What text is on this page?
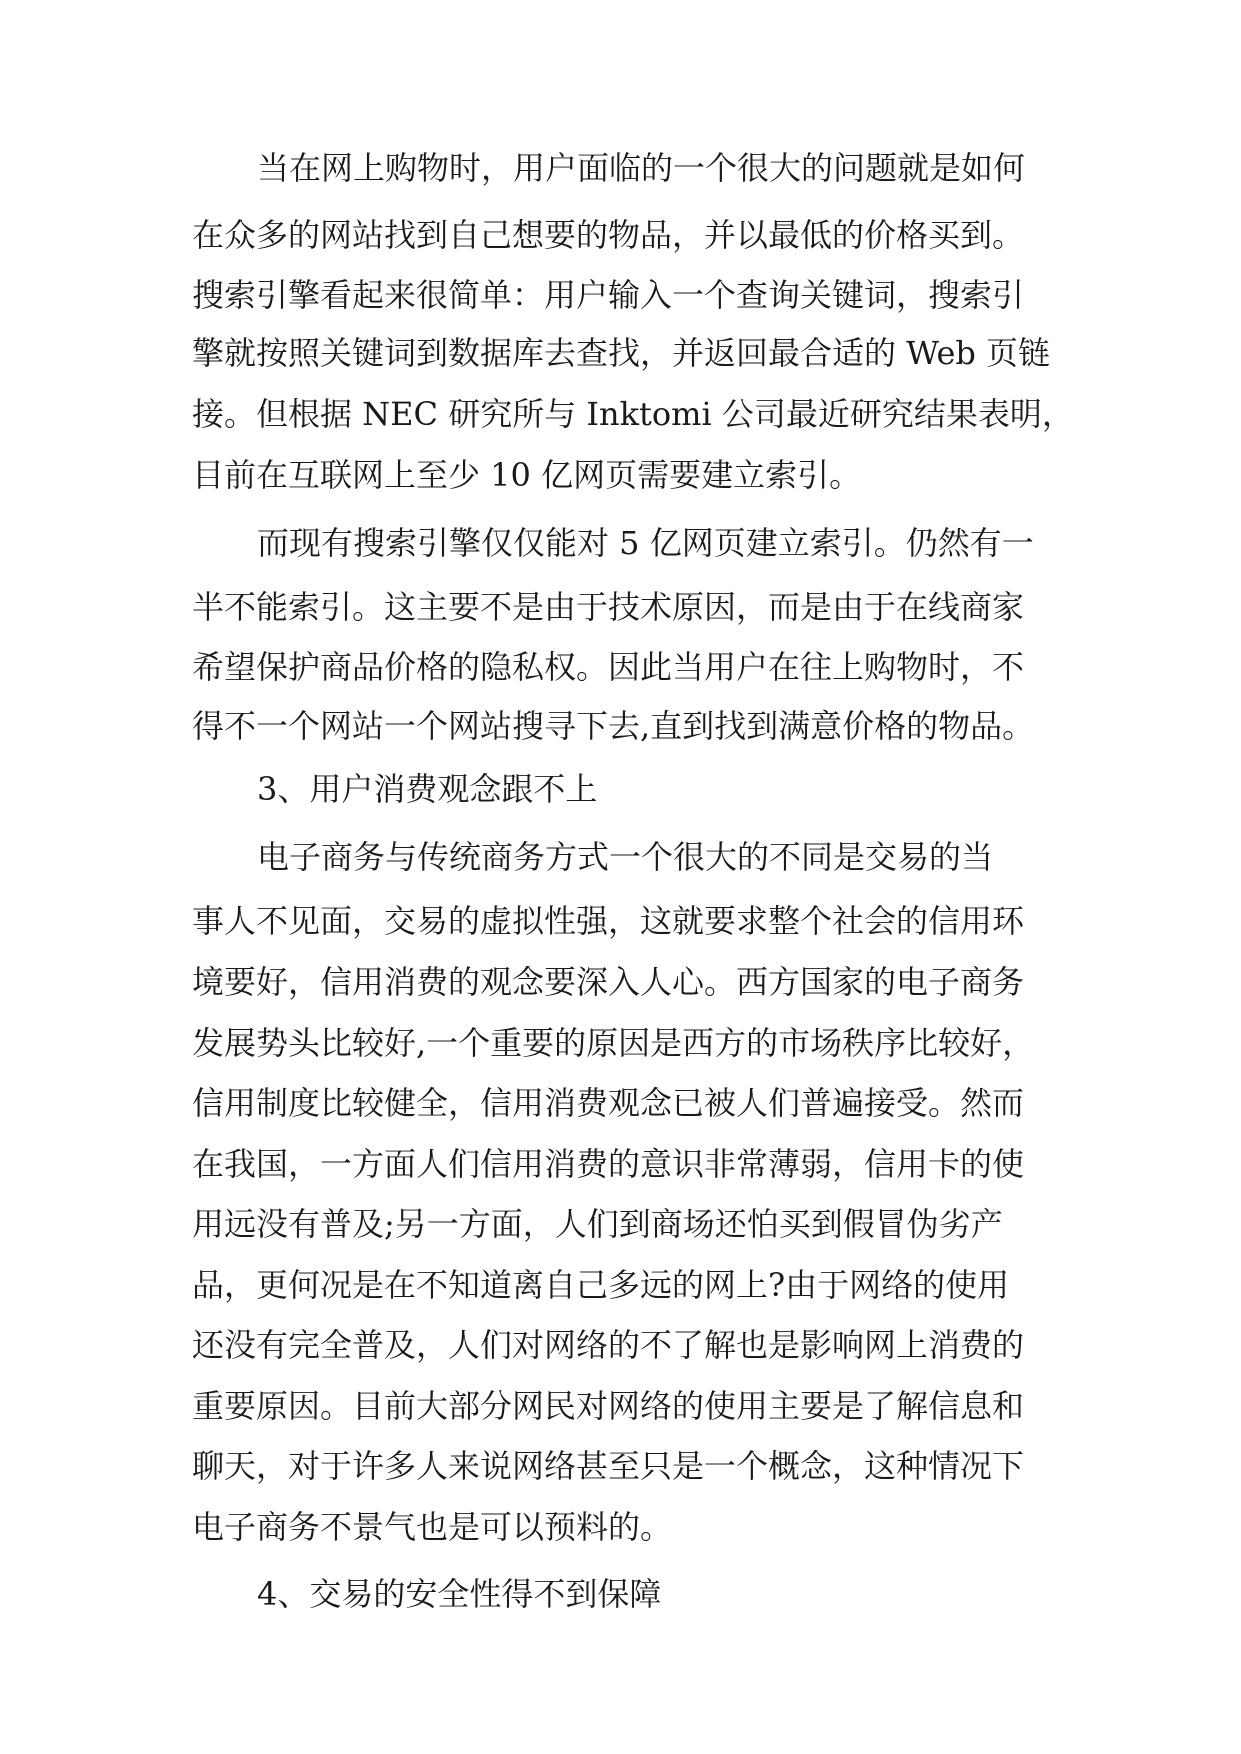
当在网上购物时，用户面临的一个很大的问题就是如何
在众多的网站找到自己想要的物品，并以最低的价格买到。
搜索引擎看起来很简单：用户输入一个查询关键词，搜索引
擎就按照关键词到数据库去查找，并返回最合适的 Web 页链
接。但根据 NEC 研究所与 Inktomi 公司最近研究结果表明，
目前在互联网上至少 10 亿网页需要建立索引。
而现有搜索引擎仅仅能对 5 亿网页建立索引。仍然有一
半不能索引。这主要不是由于技术原因，而是由于在线商家
希望保护商品价格的隐私权。因此当用户在往上购物时，不
得不一个网站一个网站搜寻下去,直到找到满意价格的物品。
3、用户消费观念跟不上
电子商务与传统商务方式一个很大的不同是交易的当
事人不见面，交易的虚拟性强，这就要求整个社会的信用环
境要好，信用消费的观念要深入人心。西方国家的电子商务
发展势头比较好,一个重要的原因是西方的市场秩序比较好，
信用制度比较健全，信用消费观念已被人们普遍接受。然而
在我国，一方面人们信用消费的意识非常薄弱，信用卡的使
用远没有普及;另一方面，人们到商场还怕买到假冒伪劣产
品，更何况是在不知道离自己多远的网上?由于网络的使用
还没有完全普及，人们对网络的不了解也是影响网上消费的
重要原因。目前大部分网民对网络的使用主要是了解信息和
聊天，对于许多人来说网络甚至只是一个概念，这种情况下
电子商务不景气也是可以预料的。
4、交易的安全性得不到保障
